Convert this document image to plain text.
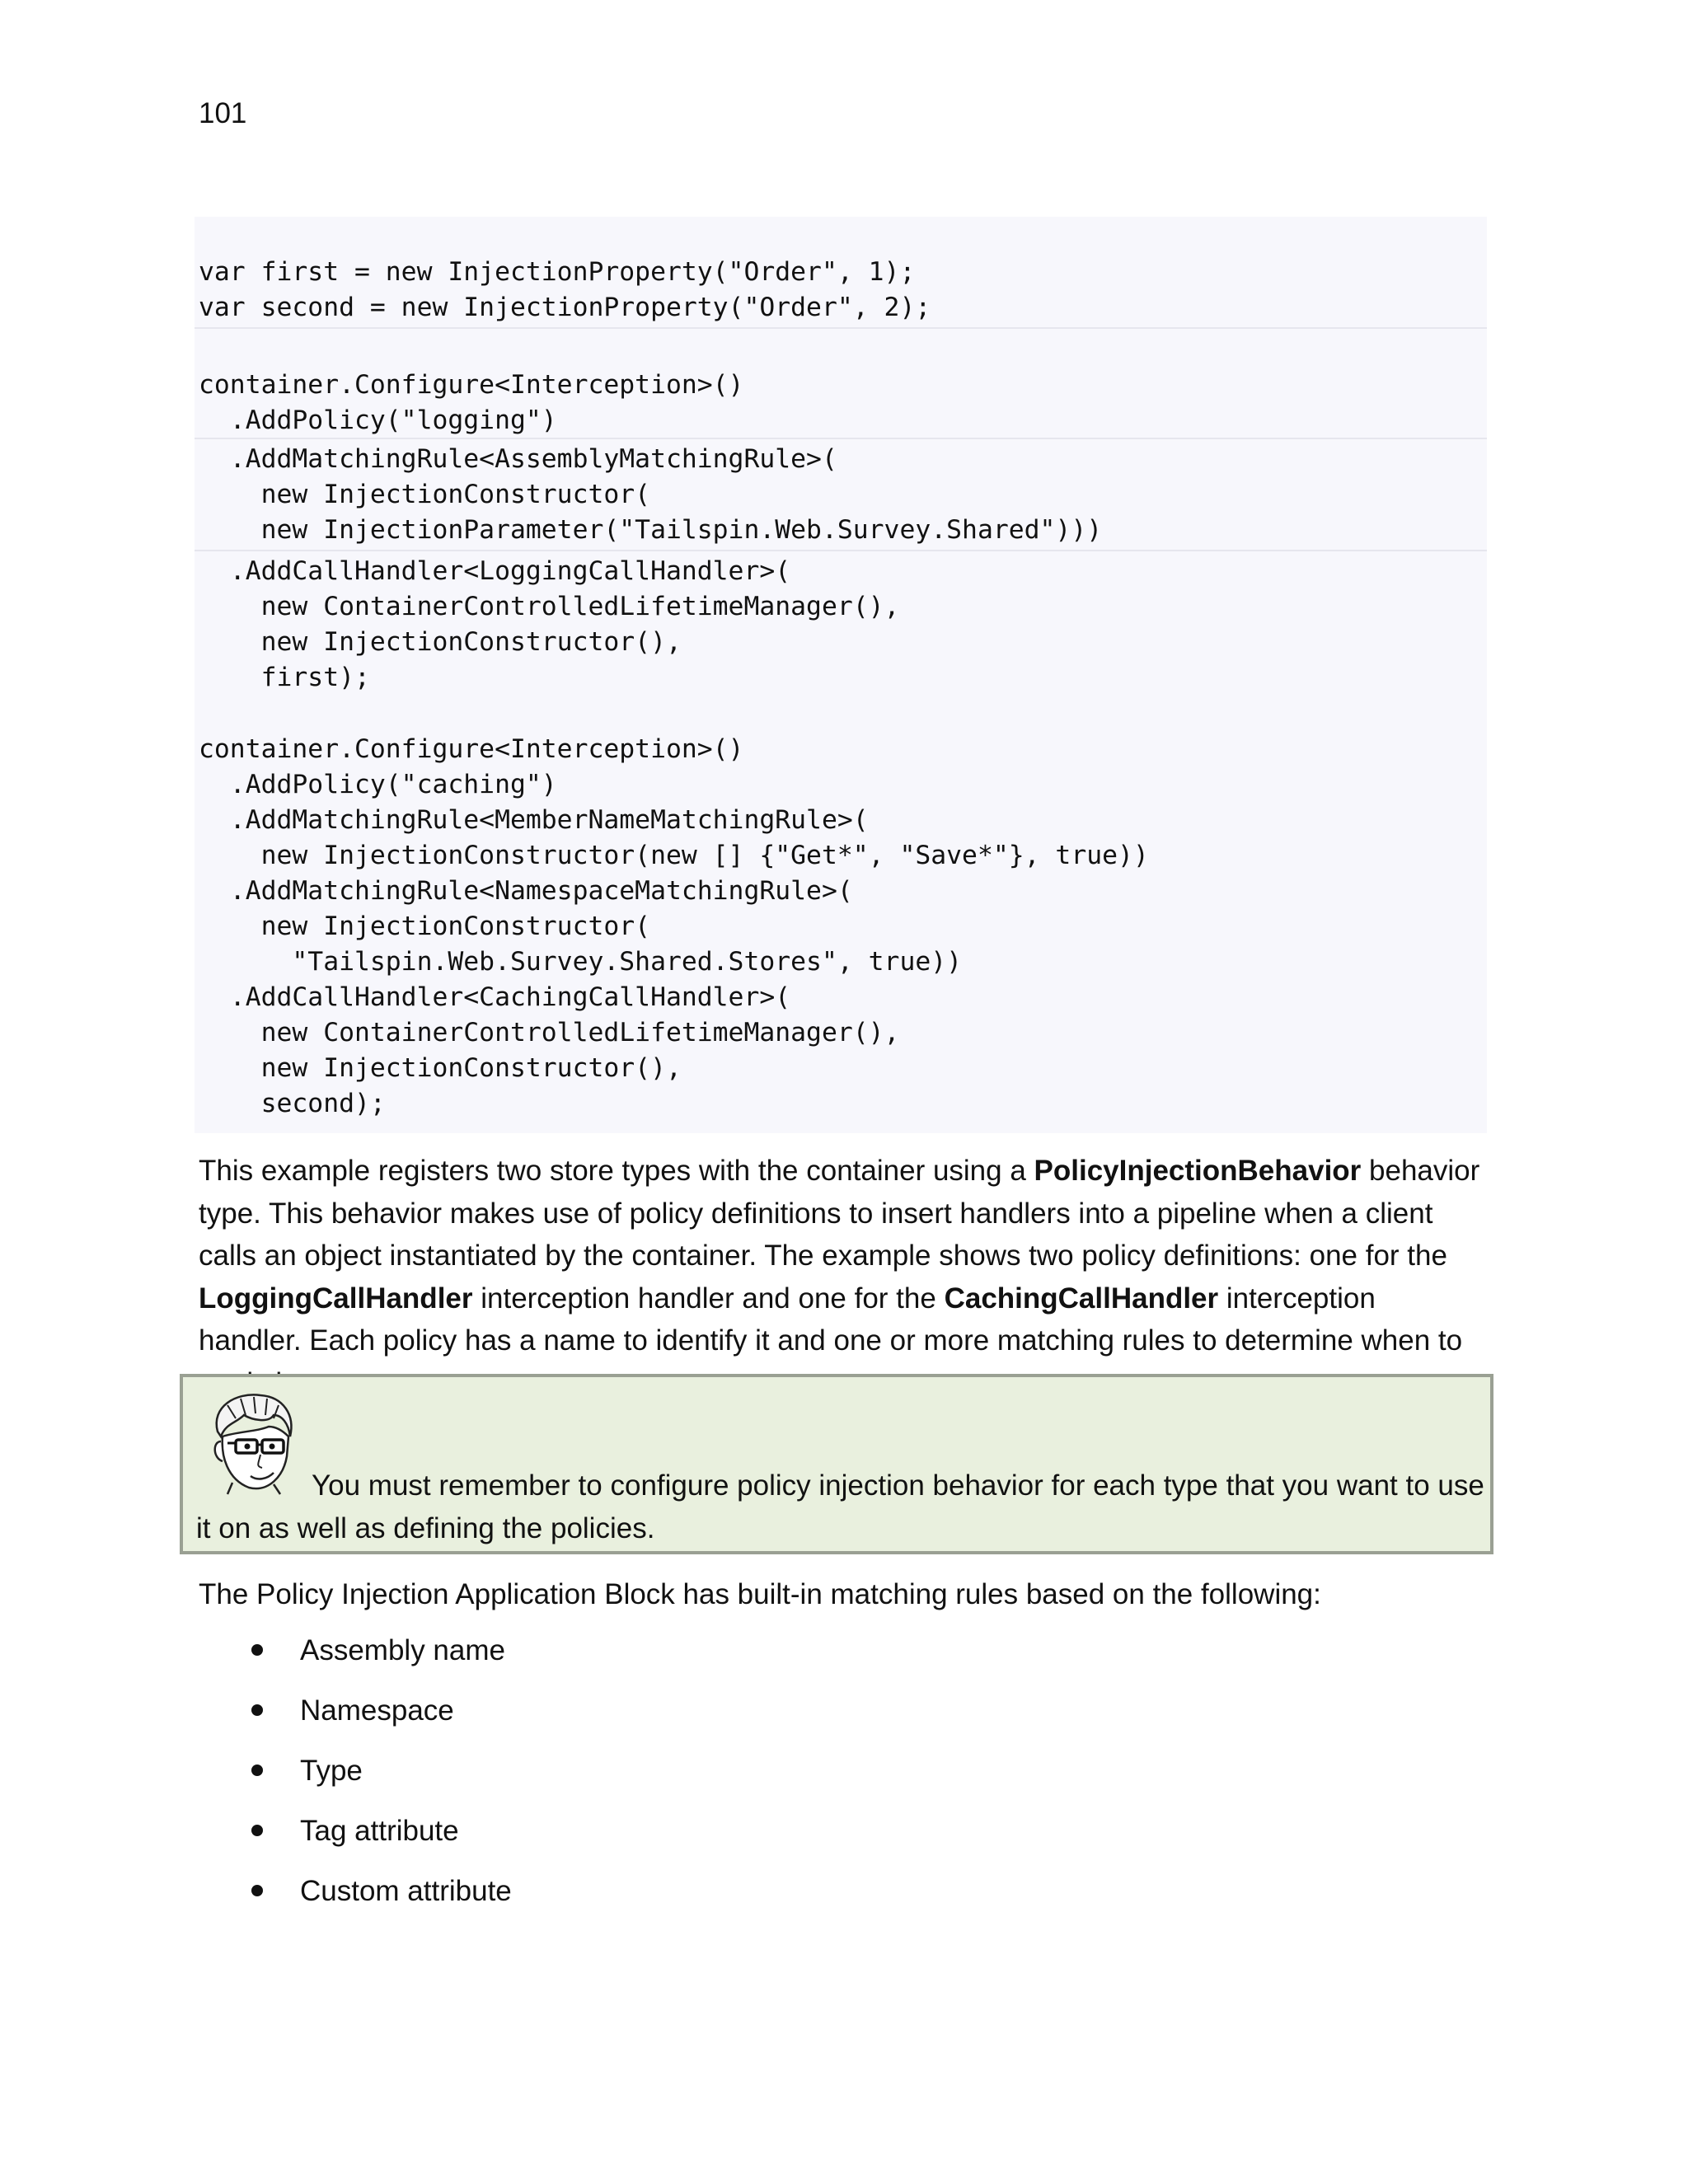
101
var first = new InjectionProperty("Order", 1);
var second = new InjectionProperty("Order", 2);
container.Configure<Interception>()
.AddPolicy("logging")
.AddMatchingRule<AssemblyMatchingRule>(
new InjectionConstructor(
new InjectionParameter("Tailspin.Web.Survey.Shared")))
.AddCallHandler<LoggingCallHandler>(
new ContainerControlledLifetimeManager(),
new InjectionConstructor(),
first);
container.Configure<Interception>()
.AddPolicy("caching")
.AddMatchingRule<MemberNameMatchingRule>(
new InjectionConstructor(new [] {"Get*", "Save*"}, true))
.AddMatchingRule<NamespaceMatchingRule>(
new InjectionConstructor(
"Tailspin.Web.Survey.Shared.Stores", true))
.AddCallHandler<CachingCallHandler>(
new ContainerControlledLifetimeManager(),
new InjectionConstructor(),
second);

This example registers two store types with the container using a PolicyInjectionBehavior behavior type. This behavior makes use of policy definitions to insert handlers into a pipeline when a client calls an object instantiated by the container. The example shows two policy definitions: one for the LoggingCallHandler interception handler and one for the CachingCallHandler interception handler. Each policy has a name to identify it and one or more matching rules to determine when to

You must remember to configure policy injection behavior for each type that you want to use it on as well as defining the policies.

The Policy Injection Application Block has built-in matching rules based on the following:

Assembly name
Namespace
Type
Tag attribute
Custom attribute
